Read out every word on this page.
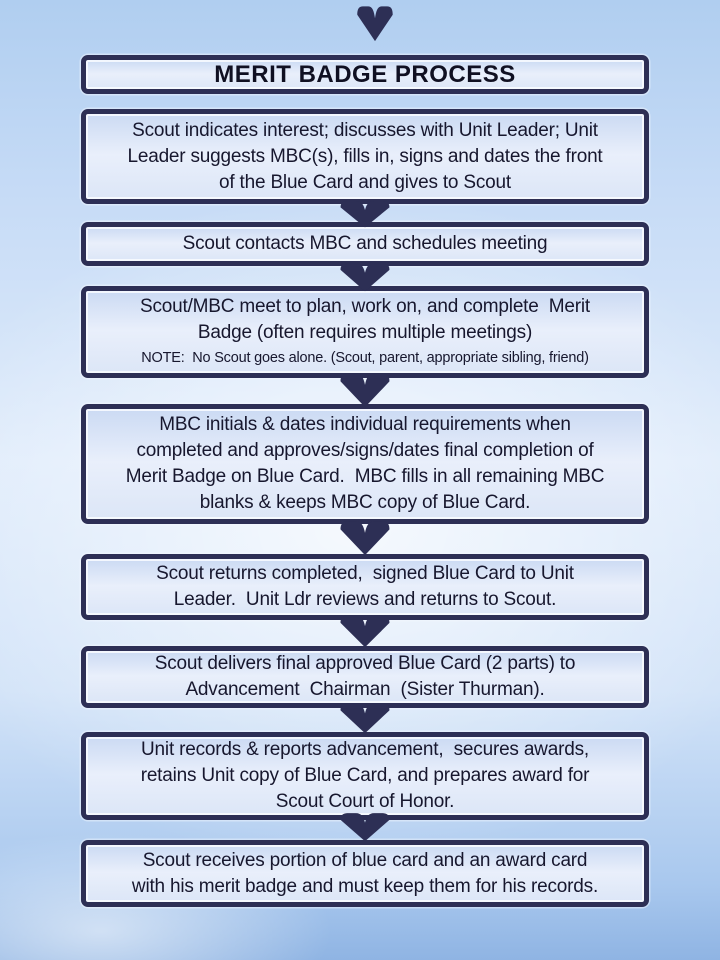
MERIT BADGE PROCESS
Scout indicates interest; discusses with Unit Leader; Unit
Leader suggests MBC(s), fills in, signs and dates the front
of the Blue Card and gives to Scout
Scout contacts MBC and schedules meeting
Scout/MBC meet to plan, work on, and complete  Merit
Badge (often requires multiple meetings)
NOTE:  No Scout goes alone. (Scout, parent, appropriate sibling, friend)
MBC initials & dates individual requirements when
completed and approves/signs/dates final completion of
Merit Badge on Blue Card.  MBC fills in all remaining MBC
blanks & keeps MBC copy of Blue Card.
Scout returns completed,  signed Blue Card to Unit
Leader.  Unit Ldr reviews and returns to Scout.
Scout delivers final approved Blue Card (2 parts) to
Advancement  Chairman  (Sister Thurman).
Unit records & reports advancement,  secures awards,
retains Unit copy of Blue Card, and prepares award for
Scout Court of Honor.
Scout receives portion of blue card and an award card
with his merit badge and must keep them for his records.
